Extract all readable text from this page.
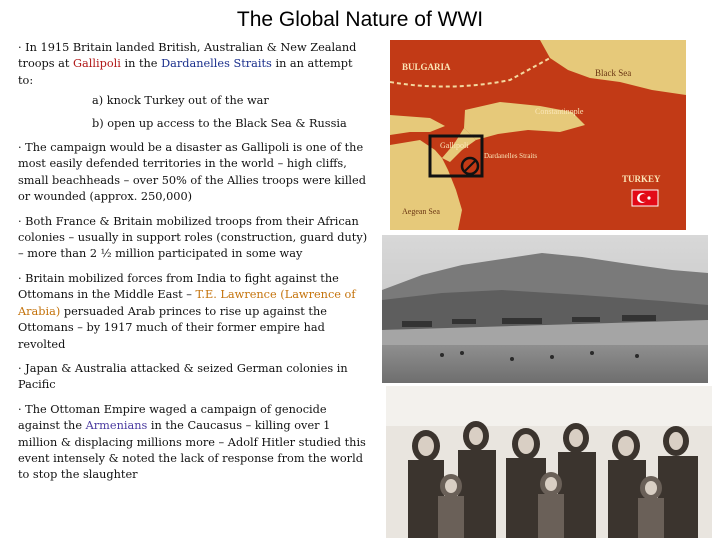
The Global Nature of WWI
· In 1915 Britain landed British, Australian & New Zealand troops at Gallipoli in the Dardanelles Straits in an attempt to:
a) knock Turkey out of the war
b) open up access to the Black Sea & Russia
· The campaign would be a disaster as Gallipoli is one of the most easily defended territories in the world – high cliffs, small beachheads – over 50% of the Allies troops were killed or wounded (approx. 250,000)
· Both France & Britain mobilized troops from their African colonies – usually in support roles (construction, guard duty) – more than 2 ½ million participated in some way
· Britain mobilized forces from India to fight against the Ottomans in the Middle East – T.E. Lawrence (Lawrence of Arabia) persuaded Arab princes to rise up against the Ottomans – by 1917 much of their former empire had revolted
· Japan & Australia attacked & seized German colonies in Pacific
· The Ottoman Empire waged a campaign of genocide against the Armenians in the Caucasus – killing over 1 million & displacing millions more – Adolf Hitler studied this event intensely & noted the lack of response from the world to stop the slaughter
BULGARIA
Black Sea
Constantinople
Gallipoli
Dardanelles Straits
TURKEY
Aegean Sea
